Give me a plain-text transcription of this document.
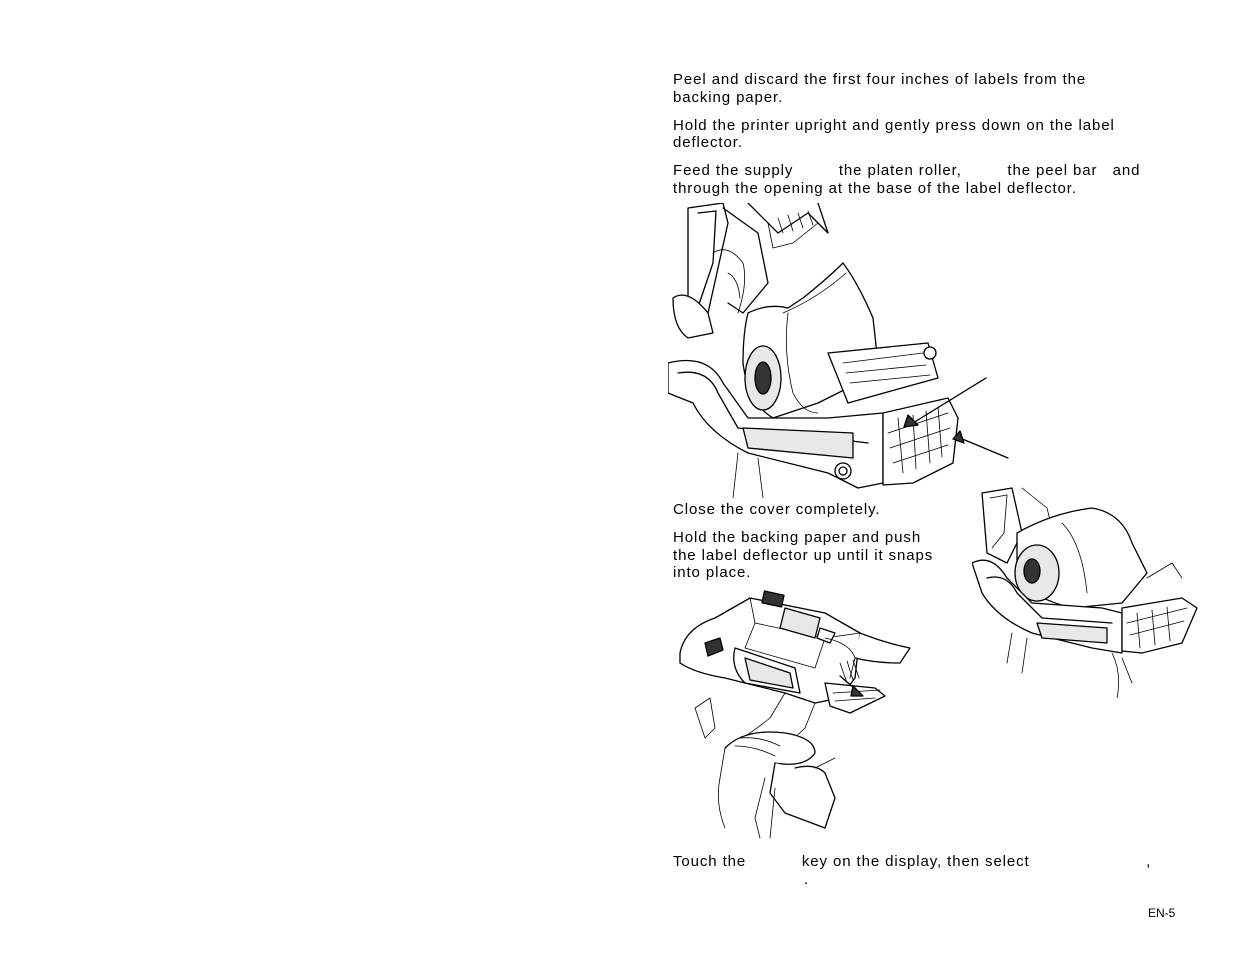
Peel and discard the first four inches of labels from the
backing paper.
Hold the printer upright and gently press down on the label
deflector.
Feed the supply         the platen roller,         the peel bar   and
through the opening at the base of the label deflector.
Close the cover completely.
Hold the backing paper and push
the label deflector up until it snaps
into place.
Touch the           key on the display, then select                       ,
.
EN-5
